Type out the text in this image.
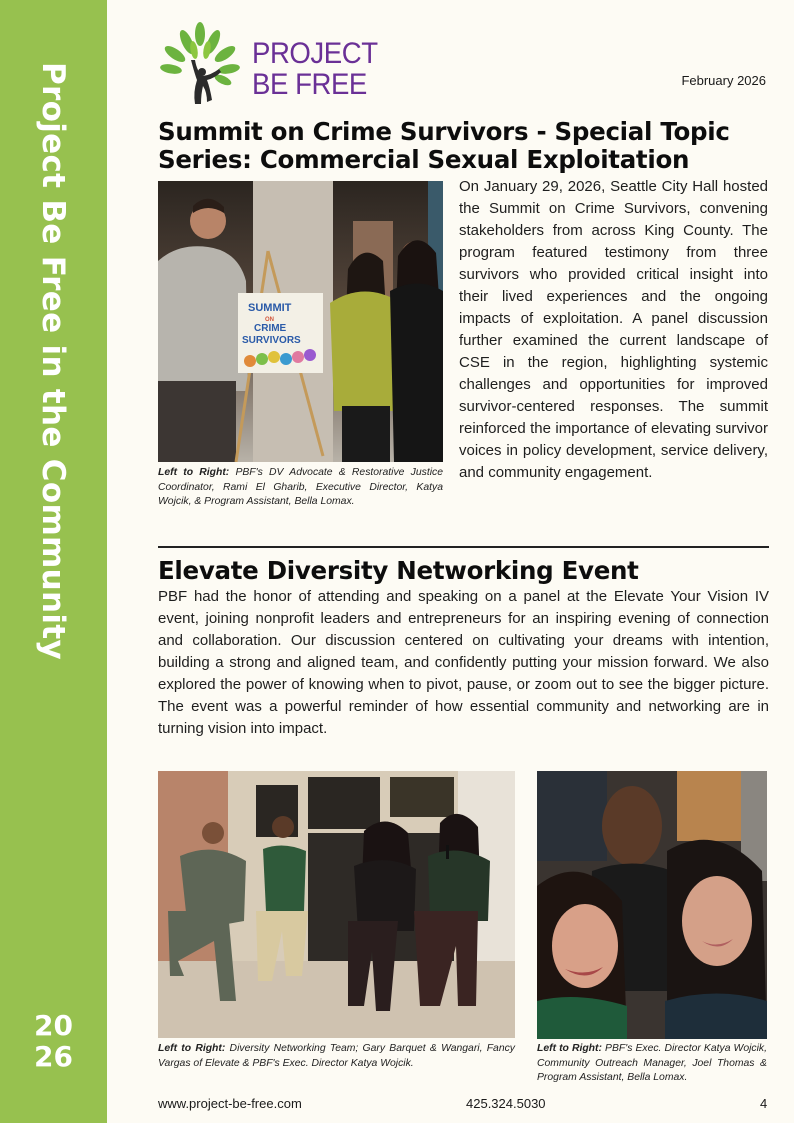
Project Be Free in the Community
20
26
PROJECT
BE FREE	February 2026
Summit on Crime Survivors - Special Topic Series: Commercial Sexual Exploitation
SUMMIT
ON
CRIME
SURVIVORS
Left to Right: PBF's DV Advocate & Restorative Justice Coordinator, Rami El Gharib, Executive Director, Katya Wojcik, & Program Assistant, Bella Lomax.
On January 29, 2026, Seattle City Hall hosted the Summit on Crime Survivors, convening stakeholders from across King County. The program featured testimony from three survivors who provided critical insight into their lived experiences and the ongoing impacts of exploitation. A panel discussion further examined the current landscape of CSE in the region, highlighting systemic challenges and opportunities for improved survivor-centered responses. The summit reinforced the importance of elevating survivor voices in policy development, service delivery, and community engagement.
Elevate Diversity Networking Event
PBF had the honor of attending and speaking on a panel at the Elevate Your Vision IV event, joining nonprofit leaders and entrepreneurs for an inspiring evening of connection and collaboration. Our discussion centered on cultivating your dreams with intention, building a strong and aligned team, and confidently putting your mission forward. We also explored the power of knowing when to pivot, pause, or zoom out to see the bigger picture. The event was a powerful reminder of how essential community and networking are in turning vision into impact.
Left to Right: Diversity Networking Team; Gary Barquet & Wangari, Fancy Vargas of Elevate & PBF's Exec. Director Katya Wojcik.
Left to Right: PBF's Exec. Director Katya Wojcik, Community Outreach Manager, Joel Thomas & Program Assistant, Bella Lomax.
www.project-be-free.com	425.324.5030	4
